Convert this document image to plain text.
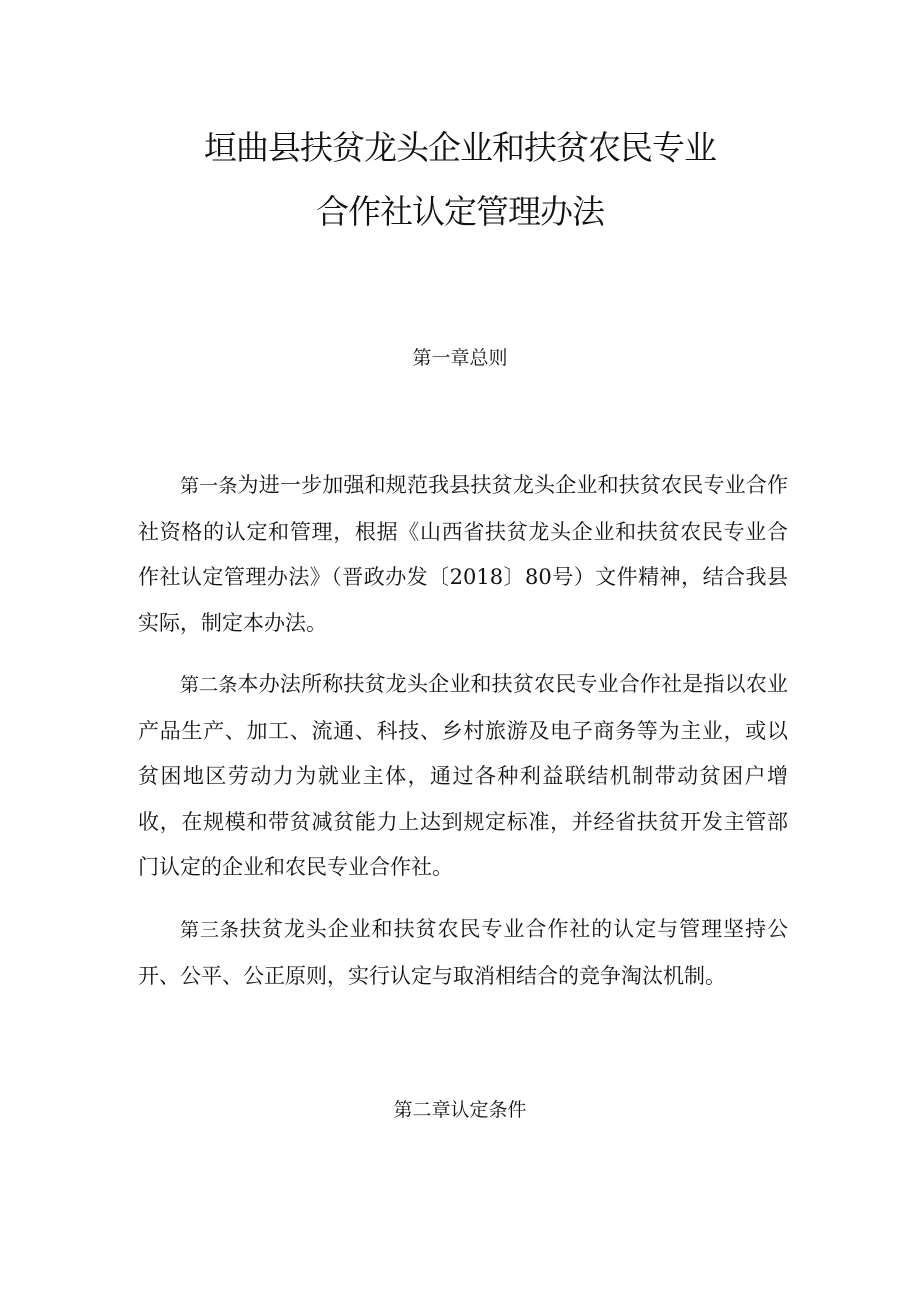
垣曲县扶贫龙头企业和扶贫农民专业
合作社认定管理办法
第一章总则

第一条为进一步加强和规范我县扶贫龙头企业和扶贫农民专业合作社资格的认定和管理，根据《山西省扶贫龙头企业和扶贫农民专业合作社认定管理办法》（晋政办发〔2018〕80号）文件精神，结合我县实际，制定本办法。

第二条本办法所称扶贫龙头企业和扶贫农民专业合作社是指以农业产品生产、加工、流通、科技、乡村旅游及电子商务等为主业，或以贫困地区劳动力为就业主体，通过各种利益联结机制带动贫困户增收，在规模和带贫减贫能力上达到规定标准，并经省扶贫开发主管部门认定的企业和农民专业合作社。

第三条扶贫龙头企业和扶贫农民专业合作社的认定与管理坚持公开、公平、公正原则，实行认定与取消相结合的竞争淘汰机制。

第二章认定条件
